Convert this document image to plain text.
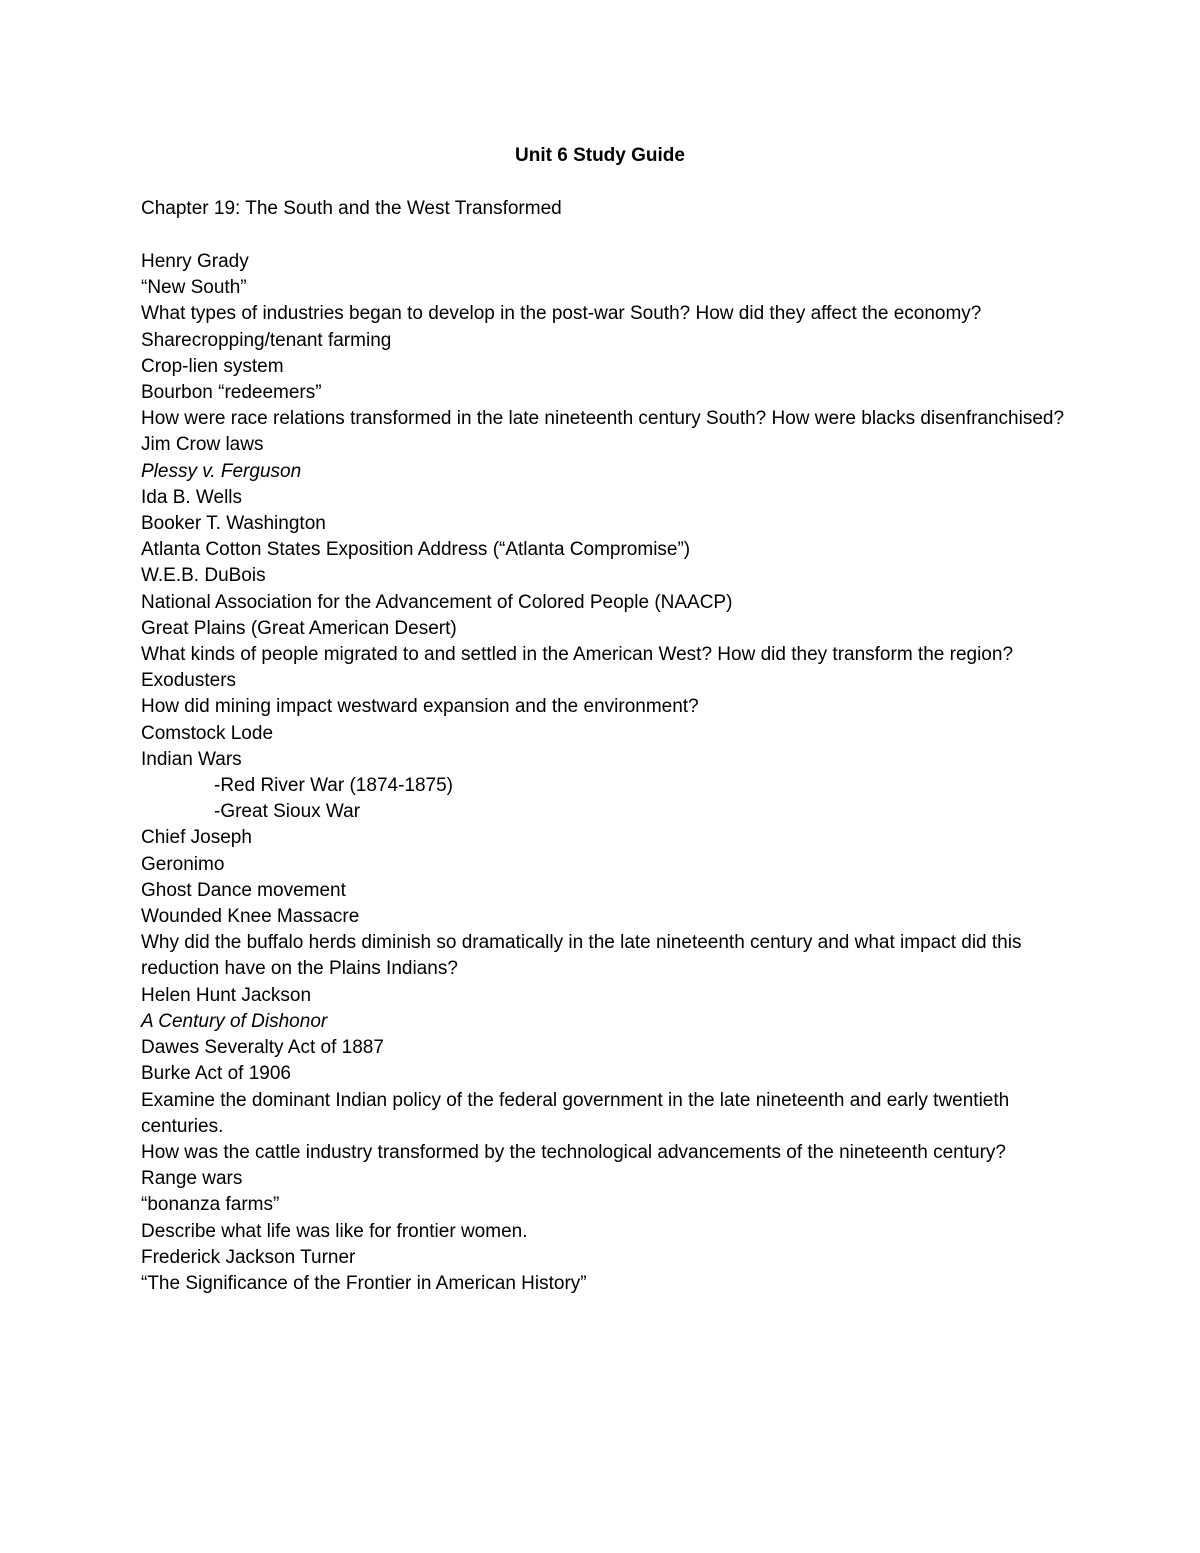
Unit 6 Study Guide
Chapter 19: The South and the West Transformed
Henry Grady
“New South”
What types of industries began to develop in the post-war South? How did they affect the economy?
Sharecropping/tenant farming
Crop-lien system
Bourbon “redeemers”
How were race relations transformed in the late nineteenth century South? How were blacks disenfranchised?
Jim Crow laws
Plessy v. Ferguson
Ida B. Wells
Booker T. Washington
Atlanta Cotton States Exposition Address (“Atlanta Compromise”)
W.E.B. DuBois
National Association for the Advancement of Colored People (NAACP)
Great Plains (Great American Desert)
What kinds of people migrated to and settled in the American West? How did they transform the region?
Exodusters
How did mining impact westward expansion and the environment?
Comstock Lode
Indian Wars
-Red River War (1874-1875)
-Great Sioux War
Chief Joseph
Geronimo
Ghost Dance movement
Wounded Knee Massacre
Why did the buffalo herds diminish so dramatically in the late nineteenth century and what impact did this reduction have on the Plains Indians?
Helen Hunt Jackson
A Century of Dishonor
Dawes Severalty Act of 1887
Burke Act of 1906
Examine the dominant Indian policy of the federal government in the late nineteenth and early twentieth centuries.
How was the cattle industry transformed by the technological advancements of the nineteenth century?
Range wars
“bonanza farms”
Describe what life was like for frontier women.
Frederick Jackson Turner
“The Significance of the Frontier in American History”
